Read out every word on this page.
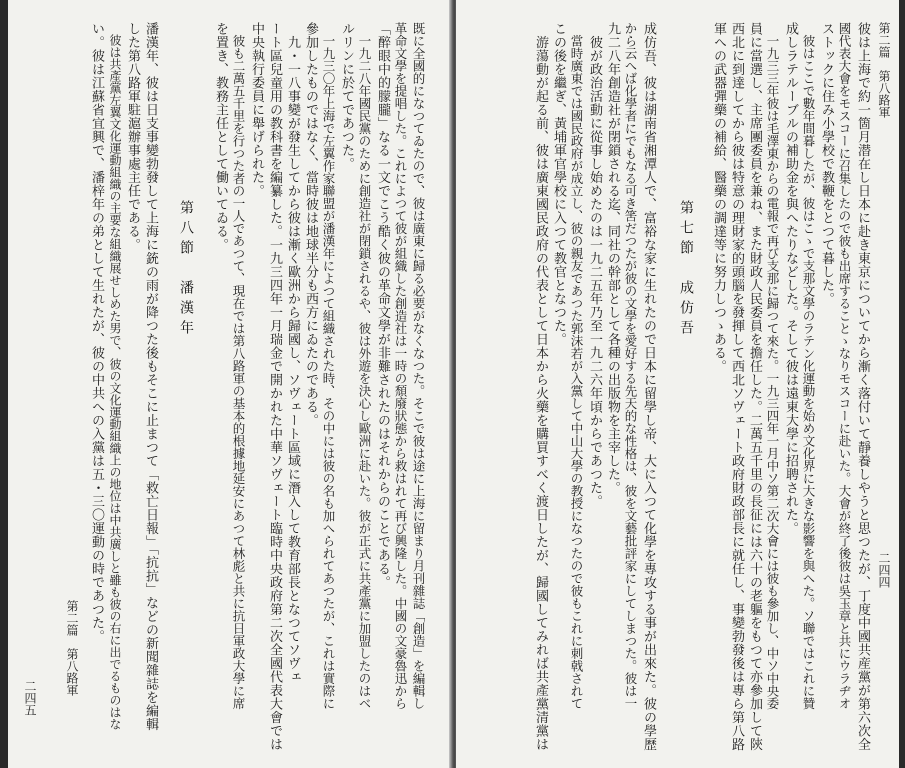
二四五
第二篇　第八路軍
い。彼は江蘇省宜興で、潘梓年の弟として生れたが、彼の中共への入黨は五・三〇運動の時であつた。 　彼は共產黨左翼文化運動組織の主要な組織展せしめた男で、彼の文化運動組織上の地位は中共廣しと雖も彼の右に出でるものはな した第八路軍駐滬辦事處主任である。 潘漢年、彼は日支事變勃發して上海に銃の雨が降つた後もそこに止まつて「救亡日報」「抗抗」などの新聞雜誌を編輯 第八節　潘漢年
を置き、教務主任として働いてゐる。 　彼も二萬五千里を行つた者の一人であつて、現在では第八路軍の基本的根據地延安にあつて林彪と共に抗日軍政大學に席 中央執行委員に舉げられた。 ート區兒童用の教科書を編纂した。一九三四年一月瑞金で開かれた中華ソヴェート臨時中央政府第二次全國代表大會では 　九・一八事變が發生してから彼は漸く歐洲から歸國し、ソヴェート區域に潛入して教育部長となつてソヴェ 參加したものではなく、當時彼は地球半分も西方にゐたのである。 　一九三〇年上海で左翼作家聯盟が潘漢年によつて組織された時、その中には彼の名も加へられてあつたが、これは實際に ルリンに於てであつた。 　一九二八年國民黨のために創造社が閉鎖されるや、彼は外遊を決心し歐洲に赴いた。彼が正式に共產黨に加盟したのはベ 「醉眼中的朦朧」なる一文でこう酷く彼の革命文學が非難されたのはそれからのことである。 革命文學を提唱した。これによつて彼が組織した創造社は一時の頹廢狀態から救はれて再び興隆した。中國の文豪魯迅から 既に全國的になつてゐたので、彼は廣東に歸る必要がなくなつた。そこで彼は途に上海に留まり月刊雜誌「創造」を編輯し	第二篇　第八路軍
二四四
彼は上海で約一箇月潜在し日本に赴き東京についてから漸く落付いて靜養しやうと思つたが、丁度中國共産黨が第六次全
國代表大會をモスコーに召集したので彼も出席することゝなりモスコーに赴いた。大會が終了後彼は吳玉章と共にウラヂオ
ストックに住み小學校で教鞭をとつて暮した。
　彼はここで數年間暮したが、彼はこゝで支那文學のラテン化運動を始め文化界に大きな影響を與へた。ソ聯ではこれに贊
成しラテルーブルの補助金を與へたりなどした。そして彼は遠東大學に招聘された。
　一九三三年彼は毛澤東からの電報で再び支那に歸つて來た。一九三四年一月中ソ第二次大會には彼も參加し、中ソ中央委
員に當選し、主席團委員を兼ね、また財政人民委員を擔任した。二萬五千里の長征には六十の老軀をもつて亦參加して陝
西北に到達してから彼は特意の理財家的頭腦を發揮して西北ソヴェート政府財政部長に就任し、事變勃發後は專ら第八路
軍への武器彈藥の補給、醫藥の調達等に努力しつゝある。
第七節　成仿吾
成仿吾、彼は湖南省湘潭人で、富裕な家に生れたので日本に留學し帝、大に入つて化學を專攻する事が出來た。彼の學歷
から云へば化學者にでもなる可き筈だつたが彼の文學を愛好する先天的な性格は、彼を文藝批評家にしてしまつた。彼は一
九二八年創造社が閉鎖される迄、同社の幹部として各種の出版物を主宰した。
　彼が政治活動に從事し始めたのは一九二五年乃至一九二六年頃からであつた。
　當時廣東では國民政府が成立し、彼の親友であつた郭沫若が入黨して中山大學の教授になつたので彼もこれに刺戟されて
この後を繼ぎ、黃埔軍官學校に入つて教官となつた。
　游蕩動が起る前、彼は廣東國民政府の代表として日本から火藥を購買すべく渡日したが、歸國してみれば共產黨清黨は
